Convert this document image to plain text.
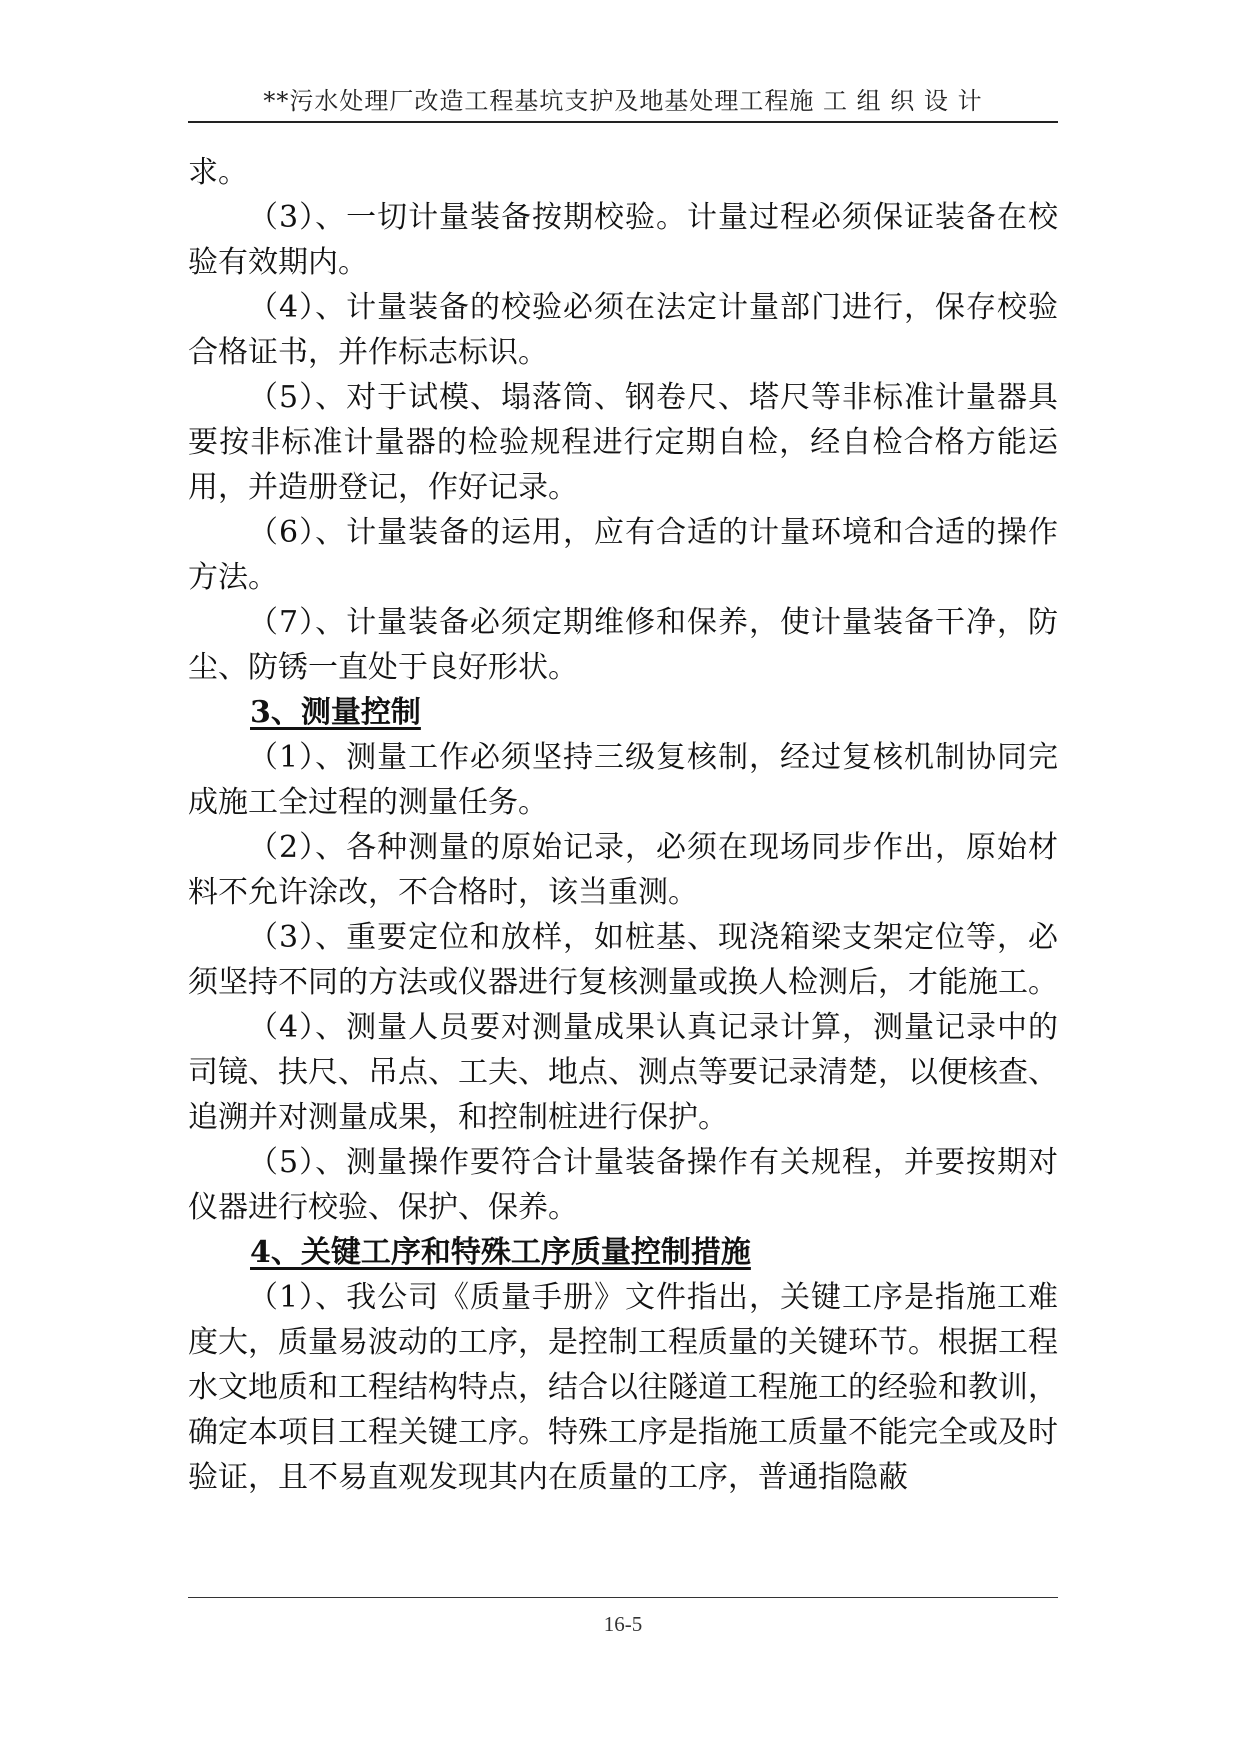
**污水处理厂改造工程基坑支护及地基处理工程施 工 组 织 设 计

求。

（3）、一切计量装备按期校验。计量过程必须保证装备在校验有效期内。

（4）、计量装备的校验必须在法定计量部门进行，保存校验合格证书，并作标志标识。

（5）、对于试模、塌落筒、钢卷尺、塔尺等非标准计量器具要按非标准计量器的检验规程进行定期自检，经自检合格方能运用，并造册登记，作好记录。

（6）、计量装备的运用，应有合适的计量环境和合适的操作方法。

（7）、计量装备必须定期维修和保养，使计量装备干净，防尘、防锈一直处于良好形状。

3、测量控制

（1）、测量工作必须坚持三级复核制，经过复核机制协同完成施工全过程的测量任务。

（2）、各种测量的原始记录，必须在现场同步作出，原始材料不允许涂改，不合格时，该当重测。

（3）、重要定位和放样，如桩基、现浇箱梁支架定位等，必须坚持不同的方法或仪器进行复核测量或换人检测后，才能施工。

（4）、测量人员要对测量成果认真记录计算，测量记录中的司镜、扶尺、吊点、工夫、地点、测点等要记录清楚，以便核查、追溯并对测量成果，和控制桩进行保护。

（5）、测量操作要符合计量装备操作有关规程，并要按期对仪器进行校验、保护、保养。

4、关键工序和特殊工序质量控制措施

（1）、我公司《质量手册》文件指出，关键工序是指施工难度大，质量易波动的工序，是控制工程质量的关键环节。根据工程水文地质和工程结构特点，结合以往隧道工程施工的经验和教训，确定本项目工程关键工序。特殊工序是指施工质量不能完全或及时验证，且不易直观发现其内在质量的工序，普通指隐蔽

16-5
